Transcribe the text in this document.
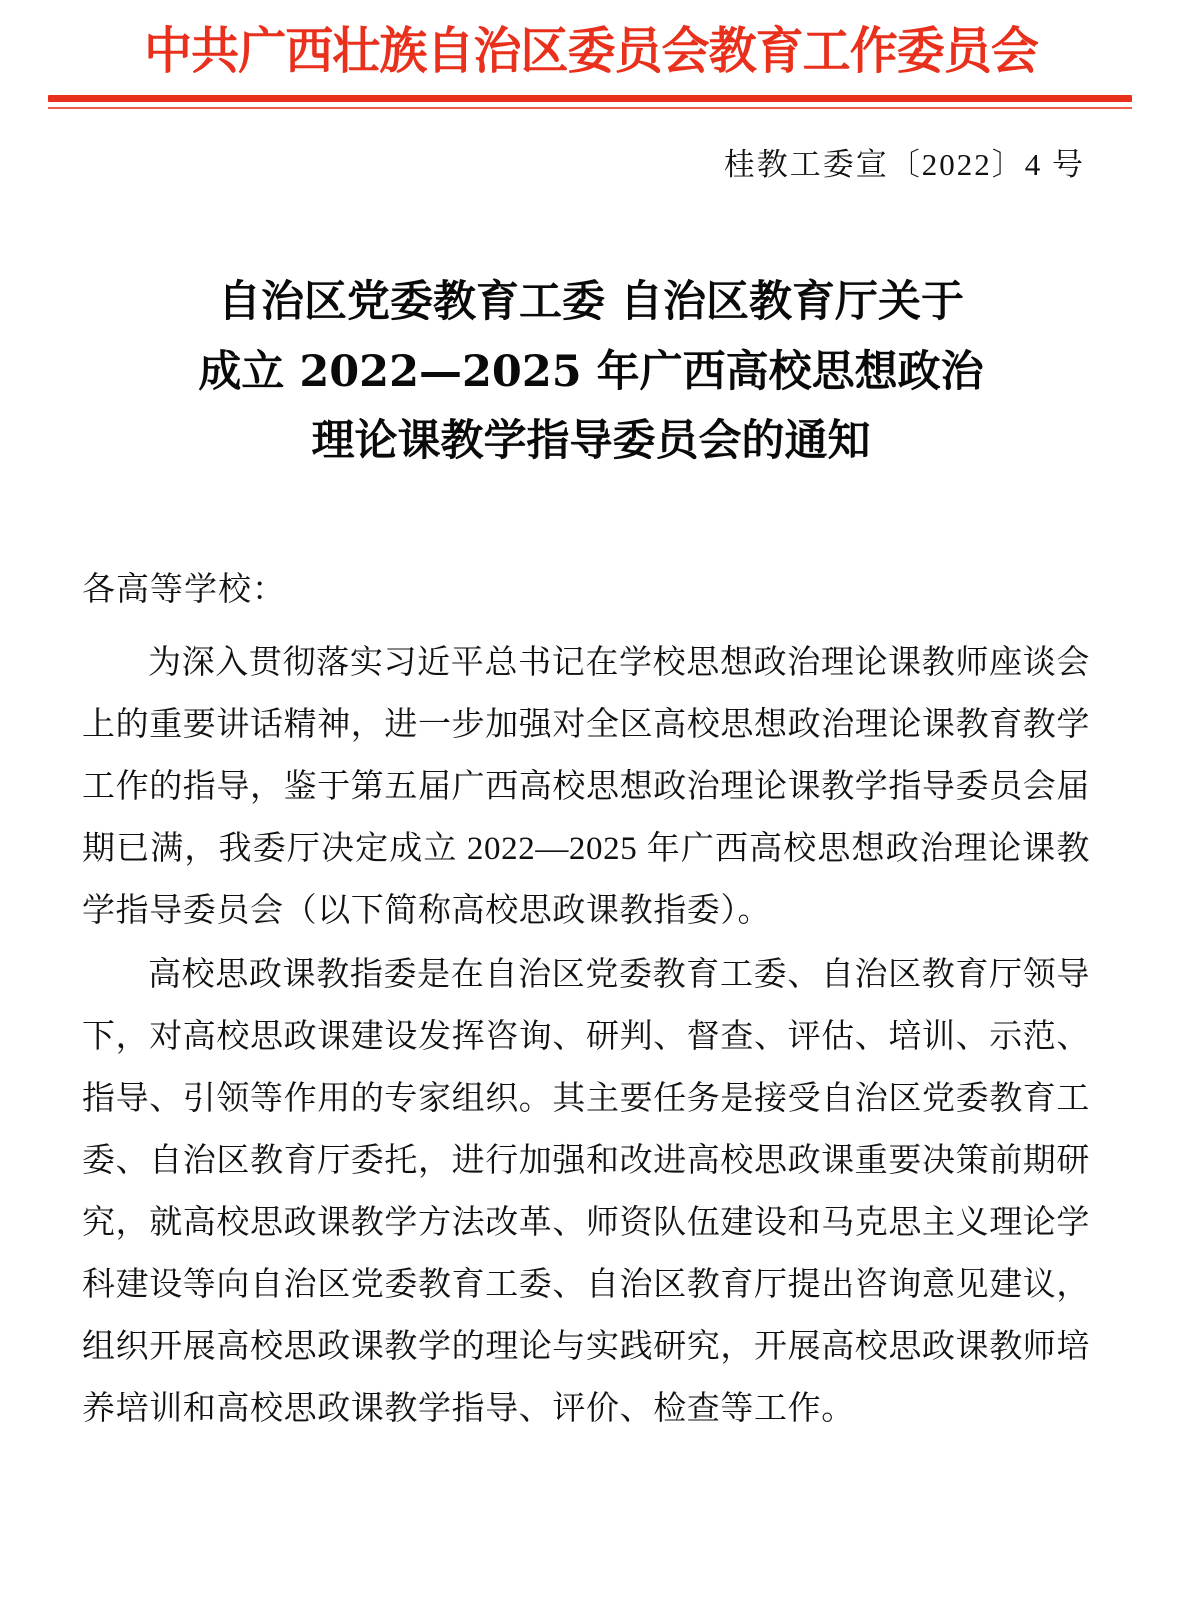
中共广西壮族自治区委员会教育工作委员会
桂教工委宣〔2022〕4 号
自治区党委教育工委 自治区教育厅关于
成立 2022—2025 年广西高校思想政治
理论课教学指导委员会的通知
各高等学校：

为深入贯彻落实习近平总书记在学校思想政治理论课教师座谈会上的重要讲话精神，进一步加强对全区高校思想政治理论课教育教学工作的指导，鉴于第五届广西高校思想政治理论课教学指导委员会届期已满，我委厅决定成立 2022—2025 年广西高校思想政治理论课教学指导委员会（以下简称高校思政课教指委）。

高校思政课教指委是在自治区党委教育工委、自治区教育厅领导下，对高校思政课建设发挥咨询、研判、督查、评估、培训、示范、指导、引领等作用的专家组织。其主要任务是接受自治区党委教育工委、自治区教育厅委托，进行加强和改进高校思政课重要决策前期研究，就高校思政课教学方法改革、师资队伍建设和马克思主义理论学科建设等向自治区党委教育工委、自治区教育厅提出咨询意见建议，组织开展高校思政课教学的理论与实践研究，开展高校思政课教师培养培训和高校思政课教学指导、评价、检查等工作。
